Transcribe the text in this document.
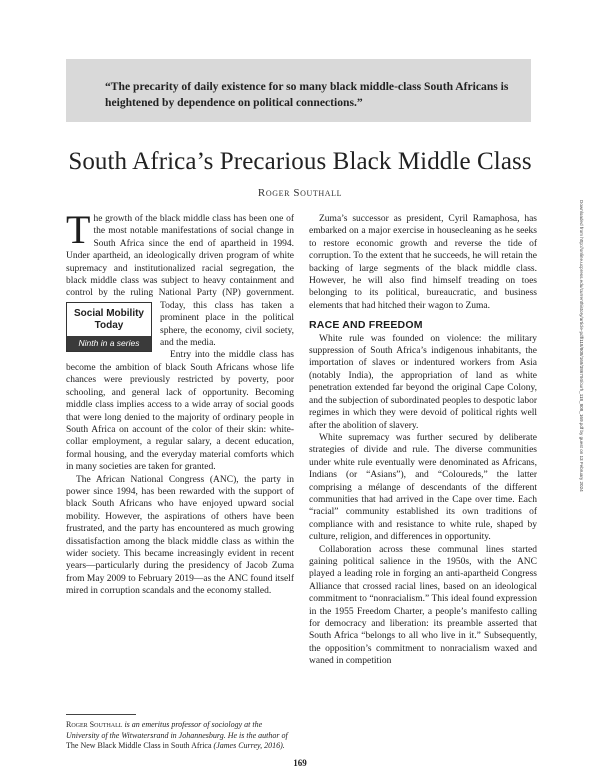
“The precarity of daily existence for so many black middle-class South Africans is heightened by dependence on political connections.”
South Africa’s Precarious Black Middle Class
Roger Southall

The growth of the black middle class has been one of the most notable manifestations of social change in South Africa since the end of apartheid in 1994. Under apartheid, an ideologically driven program of white supremacy and institutionalized racial segregation, the black middle class was subject to heavy containment and control by the ruling National Party (
Social Mobility Today
Ninth in a series
NP) government. Today, this class has taken a prominent place in the political sphere, the economy, civil society, and the media.

Entry into the middle class has become the ambition of black South Africans whose life chances were previously restricted by poverty, poor schooling, and general lack of opportunity. Becoming middle class implies access to a wide array of social goods that were long denied to the majority of ordinary people in South Africa on account of the color of their skin: white-collar employment, a regular salary, a decent education, formal housing, and the everyday material comforts which in many societies are taken for granted.

The African National Congress (ANC), the party in power since 1994, has been rewarded with the support of black South Africans who have enjoyed upward social mobility. However, the aspirations of others have been frustrated, and the party has encountered as much growing dissatisfaction among the black middle class as within the wider society. This became increasingly evident in recent years—particularly during the presidency of Jacob Zuma from May 2009 to February 2019—as the ANC found itself mired in corruption scandals and the economy stalled.

Zuma’s successor as president, Cyril Ramaphosa, has embarked on a major exercise in housecleaning as he seeks to restore economic growth and reverse the tide of corruption. To the extent that he succeeds, he will retain the backing of large segments of the black middle class. However, he will also find himself treading on toes belonging to its political, bureaucratic, and business elements that had hitched their wagon to Zuma.

RACE AND FREEDOM

White rule was founded on violence: the military suppression of South Africa’s indigenous inhabitants, the importation of slaves or indentured workers from Asia (notably India), the appropriation of land as white penetration extended far beyond the original Cape Colony, and the subjection of subordinated peoples to despotic labor regimes in which they were devoid of political rights well after the abolition of slavery.

White supremacy was further secured by deliberate strategies of divide and rule. The diverse communities under white rule eventually were denominated as Africans, Indians (or “Asians”), and “Coloureds,” the latter comprising a mélange of descendants of the different communities that had arrived in the Cape over time. Each “racial” community established its own traditions of compliance with and resistance to white rule, shaped by culture, religion, and differences in opportunity.

Collaboration across these communal lines started gaining political salience in the 1950s, with the ANC played a leading role in forging an anti-apartheid Congress Alliance that crossed racial lines, based on an ideological commitment to “nonracialism.” This ideal found expression in the 1955 Freedom Charter, a people’s manifesto calling for democracy and liberation: its preamble asserted that South Africa “belongs to all who live in it.” Subsequently, the opposition’s commitment to nonracialism waxed and waned in competition

Roger Southall is an emeritus professor of sociology at the University of the Witwatersrand in Johannesburg. He is the author of The New Black Middle Class in South Africa (James Currey, 2016).
169
Downloaded from http://online.ucpress.edu/currenthistory/article-pdf/118/808/169/386794/curh_118_808_169.pdf by guest on 13 February 2024
